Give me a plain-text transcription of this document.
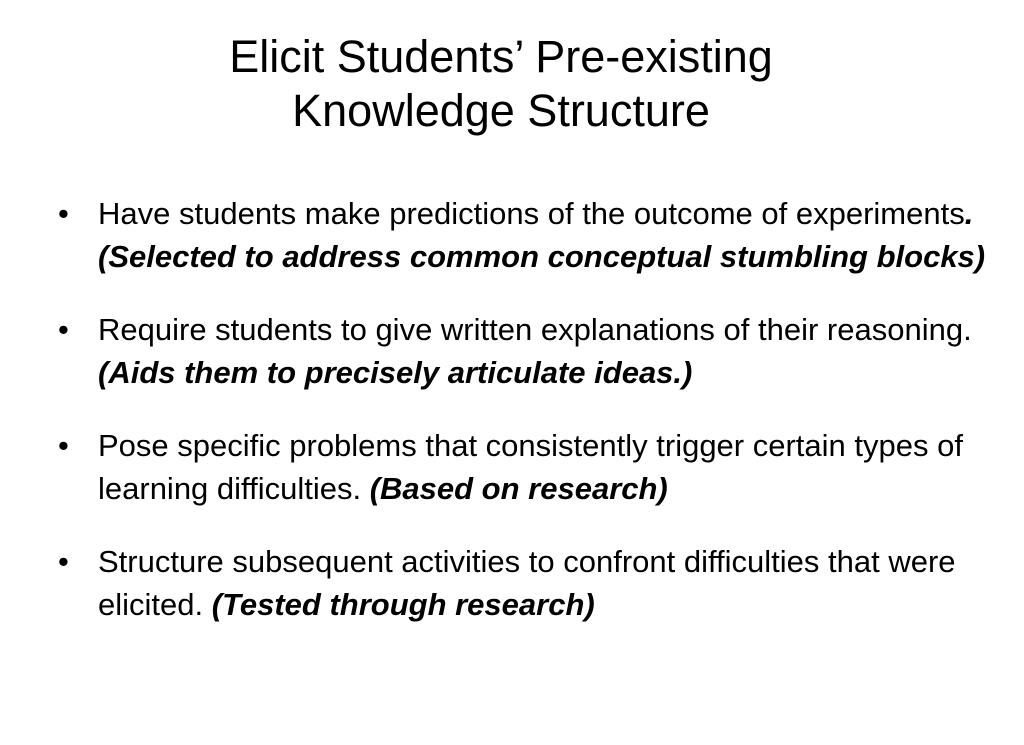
Elicit Students’ Pre-existing
Knowledge Structure
• Have students make predictions of the outcome of experiments. (Selected to address common conceptual stumbling blocks)
• Require students to give written explanations of their reasoning. (Aids them to precisely articulate ideas.)
• Pose specific problems that consistently trigger certain types of learning difficulties. (Based on research)
• Structure subsequent activities to confront difficulties that were elicited. (Tested through research)
